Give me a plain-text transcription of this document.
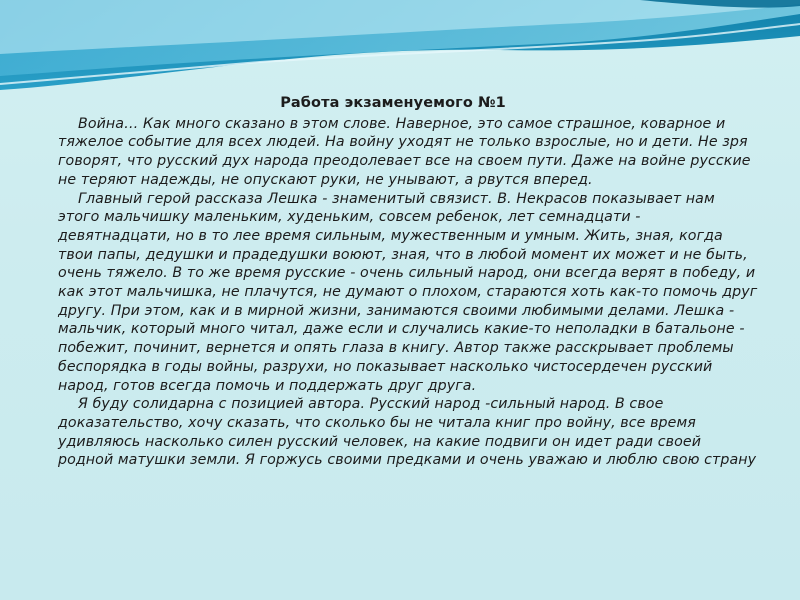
Работа экзаменуемого №1

Война… Как много сказано в этом слове. Наверное, это самое страшное, коварное и тяжелое событие для всех людей. На войну уходят не только взрослые, но и дети. Не зря говорят, что русский дух народа преодолевает все на своем пути. Даже на войне русские не теряют надежды, не опускают руки, не унывают, а рвутся вперед.

Главный герой рассказа Лешка - знаменитый связист. В. Некрасов показывает нам этого мальчишку маленьким, худеньким, совсем ребенок, лет семнадцати - девятнадцати, но в то лее время сильным, мужественным и умным. Жить, зная, когда твои папы, дедушки и прадедушки воюют, зная, что в любой момент их может и не быть, очень тяжело. В то же время русские - очень сильный народ, они всегда верят в победу, и как этот мальчишка, не плачутся, не думают о плохом, стараются хоть как-то помочь друг другу. При этом, как и в мирной жизни, занимаются своими любимыми делами. Лешка - мальчик, который много читал, даже если и случались какие-то неполадки в батальоне - побежит, починит, вернется и опять глаза в книгу. Автор также расскрывает проблемы беспорядка в годы войны, разрухи, но показывает насколько чистосердечен русский народ, готов всегда помочь и поддержать друг друга.

Я буду солидарна с позицией автора. Русский народ -сильный народ. В свое доказательство, хочу сказать, что сколько бы не читала книг про войну, все время удивляюсь насколько силен русский человек, на какие подвиги он идет ради своей родной матушки земли. Я горжусь своими предками и очень уважаю и люблю свою страну
